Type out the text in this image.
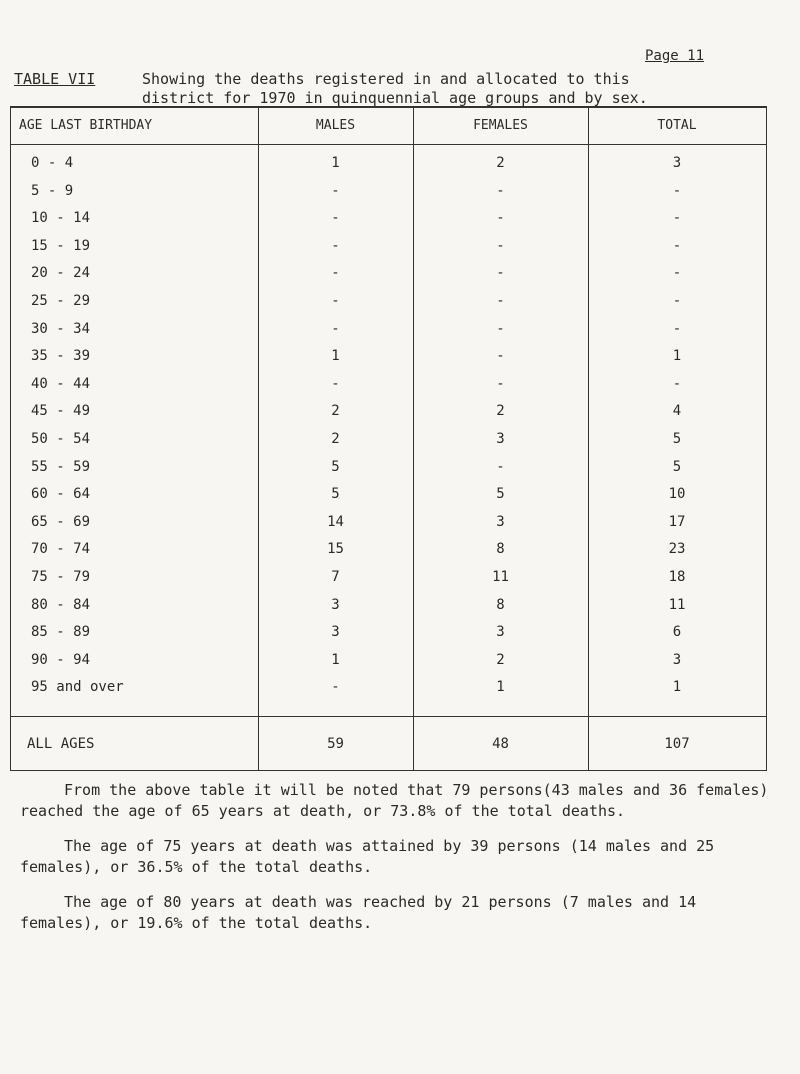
Page 11
TABLE VII	Showing the deaths registered in and allocated to this
district for 1970 in quinquennial age groups and by sex.
AGE LAST BIRTHDAY	MALES	FEMALES	TOTAL
0 - 4	1	2	3
5 - 9	-	-	-
10 - 14	-	-	-
15 - 19	-	-	-
20 - 24	-	-	-
25 - 29	-	-	-
30 - 34	-	-	-
35 - 39	1	-	1
40 - 44	-	-	-
45 - 49	2	2	4
50 - 54	2	3	5
55 - 59	5	-	5
60 - 64	5	5	10
65 - 69	14	3	17
70 - 74	15	8	23
75 - 79	7	11	18
80 - 84	3	8	11
85 - 89	3	3	6
90 - 94	1	2	3
95 and over	-	1	1
ALL AGES	59	48	107

From the above table it will be noted that 79 persons(43 males and 36 females) reached the age of 65 years at death, or 73.8% of the total deaths.

The age of 75 years at death was attained by 39 persons (14 males and 25 females), or 36.5% of the total deaths.

The age of 80 years at death was reached by 21 persons (7 males and 14 females), or 19.6% of the total deaths.
